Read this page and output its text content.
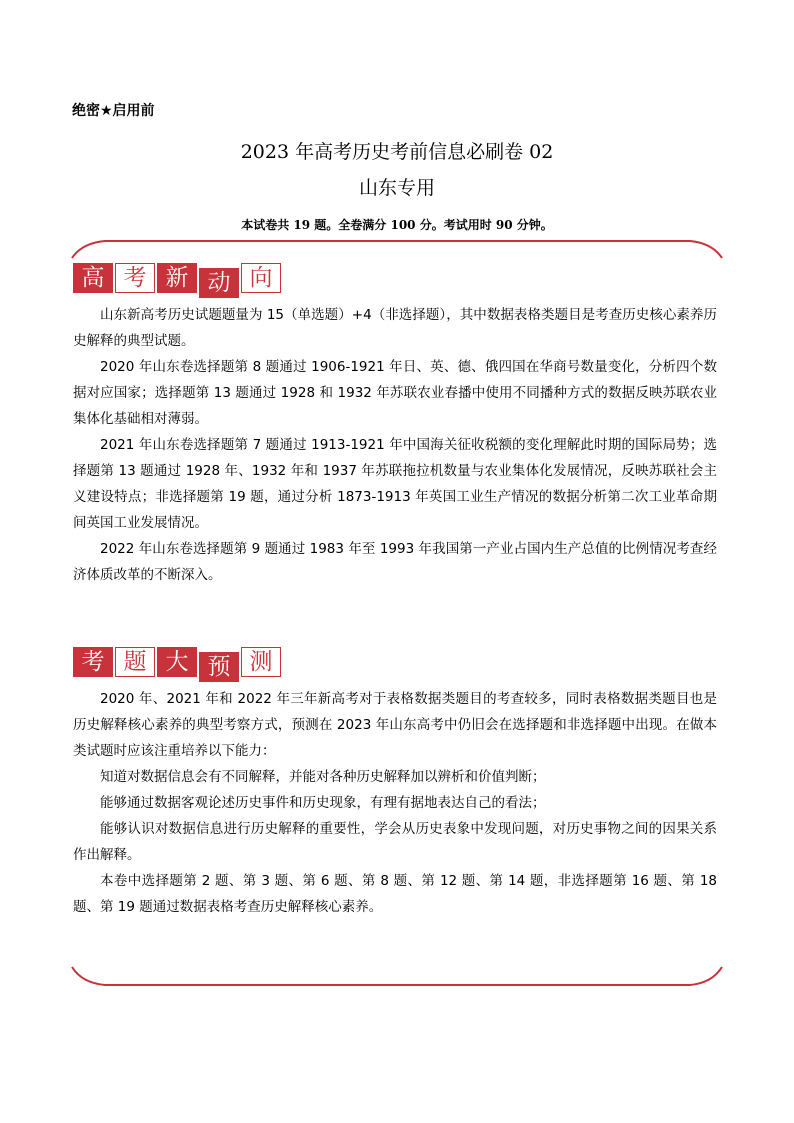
绝密★启用前
2023 年高考历史考前信息必刷卷 02
山东专用
本试卷共 19 题。全卷满分 100 分。考试用时 90 分钟。
高 考 新 动 向

山东新高考历史试题题量为 15（单选题）+4（非选择题），其中数据表格类题目是考查历史核心素养历史解释的典型试题。

2020 年山东卷选择题第 8 题通过 1906-1921 年日、英、德、俄四国在华商号数量变化，分析四个数据对应国家；选择题第 13 题通过 1928 和 1932 年苏联农业春播中使用不同播种方式的数据反映苏联农业集体化基础相对薄弱。

2021 年山东卷选择题第 7 题通过 1913-1921 年中国海关征收税额的变化理解此时期的国际局势；选择题第 13 题通过 1928 年、1932 年和 1937 年苏联拖拉机数量与农业集体化发展情况，反映苏联社会主义建设特点；非选择题第 19 题，通过分析 1873-1913 年英国工业生产情况的数据分析第二次工业革命期间英国工业发展情况。

2022 年山东卷选择题第 9 题通过 1983 年至 1993 年我国第一产业占国内生产总值的比例情况考查经济体质改革的不断深入。

考 题 大 预 测

2020 年、2021 年和 2022 年三年新高考对于表格数据类题目的考查较多，同时表格数据类题目也是历史解释核心素养的典型考察方式，预测在 2023 年山东高考中仍旧会在选择题和非选择题中出现。在做本类试题时应该注重培养以下能力：

知道对数据信息会有不同解释，并能对各种历史解释加以辨析和价值判断；

能够通过数据客观论述历史事件和历史现象，有理有据地表达自己的看法；

能够认识对数据信息进行历史解释的重要性，学会从历史表象中发现问题，对历史事物之间的因果关系作出解释。

本卷中选择题第 2 题、第 3 题、第 6 题、第 8 题、第 12 题、第 14 题，非选择题第 16 题、第 18 题、第 19 题通过数据表格考查历史解释核心素养。
